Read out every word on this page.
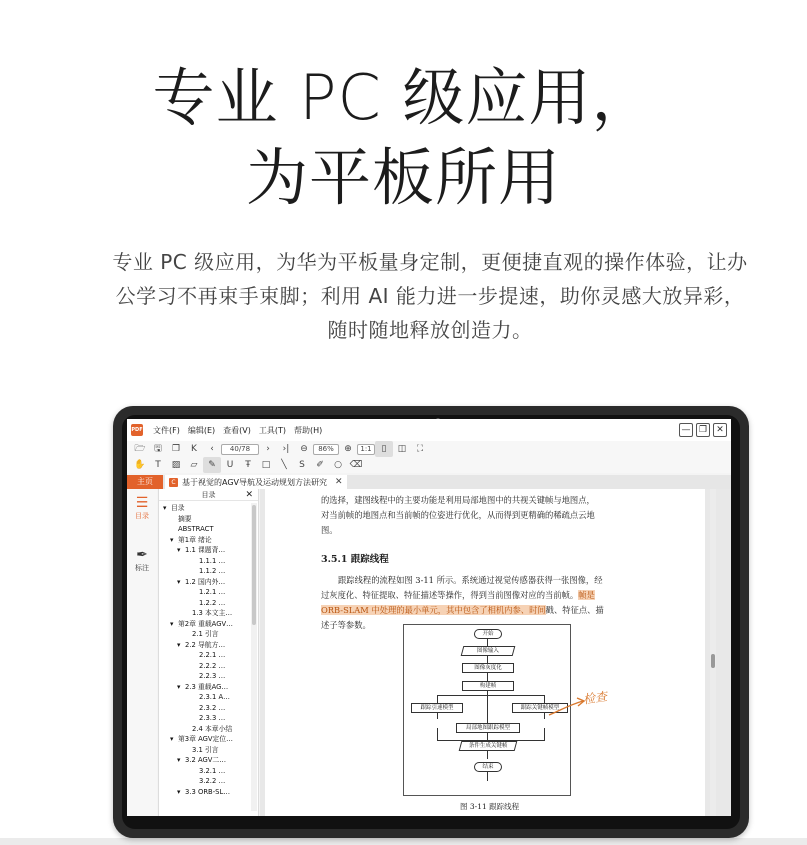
专业 PC 级应用，
为平板所用
专业 PC 级应用，为华为平板量身定制，更便捷直观的操作体验，让办
公学习不再束手束脚；利用 AI 能力进一步提速，助你灵感大放异彩，
随时随地释放创造力。
PDF 文件(F) 编辑(E) 查看(V) 工具(T) 帮助(H)	— ❐	✕
🗁 🖫	❐	K	‹	40/78	›	›|	⊖	86%	⊕	1:1	▯	◫	⛶
✋	T	▨	▱	✎	U	Ŧ	□	╲	S	✐	○ ⌫
主页	C 基于视觉的AGV导航及运动规划方法研究 ✕
☰
目录
✒
标注
目录	✕
▾ 目录
摘要
ABSTRACT
▾ 第1章 绪论
▾ 1.1 课题背…
1.1.1 …
1.1.2 …
▾ 1.2 国内外…
1.2.1 …
1.2.2 …
1.3 本文主…
▾ 第2章 重载AGV…
2.1 引言
▾ 2.2 导航方…
2.2.1 …
2.2.2 …
2.2.3 …
▾ 2.3 重载AG…
2.3.1 A…
2.3.2 …
2.3.3 …
2.4 本章小结
▾ 第3章 AGV定位…
3.1 引言
▾ 3.2 AGV二…
3.2.1 …
3.2.2 …
▾ 3.3 ORB-SL…
的选择，建图线程中的主要功能是利用局部地图中的共视关键帧与地图点，
对当前帧的地图点和当前帧的位姿进行优化，从而得到更精确的稀疏点云地
图。
3.5.1 跟踪线程
跟踪线程的流程如图 3-11 所示。系统通过视觉传感器获得一张图像，经
过灰度化、特征提取、特征描述等操作，得到当前图像对应的当前帧。帧是
ORB-SLAM 中处理的最小单元，其中包含了相机内参、时间戳、特征点、描
述子等参数。
开始
图像输入
图像灰度化
构建帧
跟踪引速模型	跟踪关键帧模型
局部地图跟踪模型
条件生成关键帧
结束
图 3-11 跟踪线程
检查
